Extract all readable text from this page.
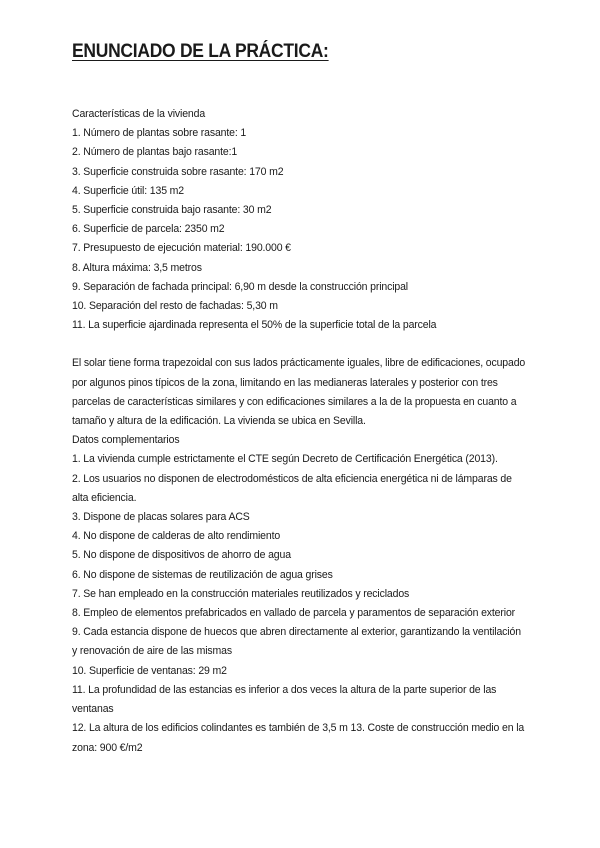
ENUNCIADO DE LA PRÁCTICA:
Características de la vivienda
1. Número de plantas sobre rasante: 1
2. Número de plantas bajo rasante:1
3. Superficie construida sobre rasante: 170 m2
4. Superficie útil: 135 m2
5. Superficie construida bajo rasante: 30 m2
6. Superficie de parcela: 2350 m2
7. Presupuesto de ejecución material: 190.000 €
8. Altura máxima: 3,5 metros
9. Separación de fachada principal: 6,90 m desde la construcción principal
10. Separación del resto de fachadas: 5,30 m
11. La superficie ajardinada representa el 50% de la superficie total de la parcela

El solar tiene forma trapezoidal con sus lados prácticamente iguales, libre de edificaciones, ocupado por algunos pinos típicos de la zona, limitando en las medianeras laterales y posterior con tres parcelas de características similares y con edificaciones similares a la de la propuesta en cuanto a tamaño y altura de la edificación. La vivienda se ubica en Sevilla.

Datos complementarios

1. La vivienda cumple estrictamente el CTE según Decreto de Certificación Energética (2013).

2. Los usuarios no disponen de electrodomésticos de alta eficiencia energética ni de lámparas de alta eficiencia.

3. Dispone de placas solares para ACS

4. No dispone de calderas de alto rendimiento

5. No dispone de dispositivos de ahorro de agua

6. No dispone de sistemas de reutilización de agua grises

7. Se han empleado en la construcción materiales reutilizados y reciclados

8. Empleo de elementos prefabricados en vallado de parcela y paramentos de separación exterior

9. Cada estancia dispone de huecos que abren directamente al exterior, garantizando la ventilación y renovación de aire de las mismas

10. Superficie de ventanas: 29 m2

11. La profundidad de las estancias es inferior a dos veces la altura de la parte superior de las ventanas

12. La altura de los edificios colindantes es también de 3,5 m 13. Coste de construcción medio en la zona: 900 €/m2
